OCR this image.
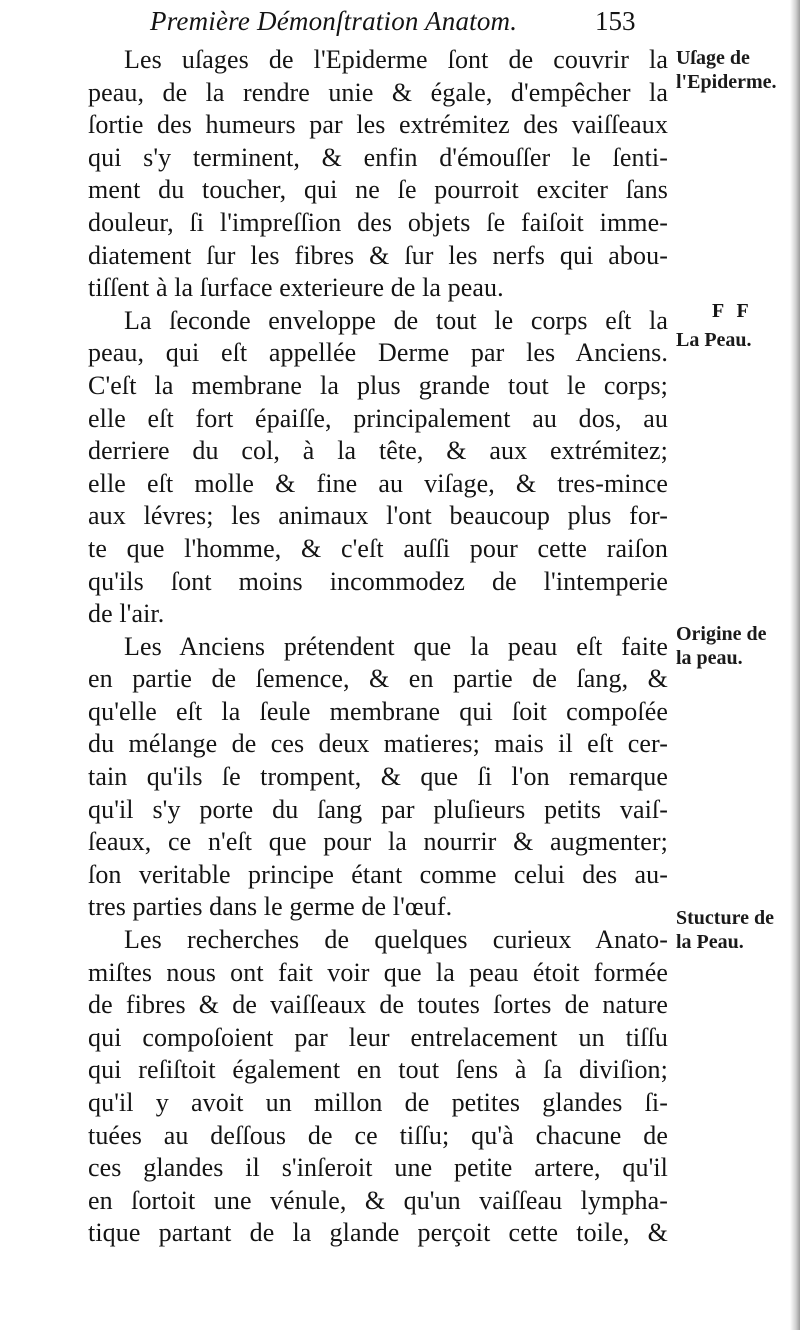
Première Démonſtration Anatom.	153
Les uſages de l'Epiderme ſont de couvrir la
peau, de la rendre unie & égale, d'empêcher la
ſortie des humeurs par les extrémitez des vaiſſeaux
qui s'y terminent, & enfin d'émouſſer le ſenti-
ment du toucher, qui ne ſe pourroit exciter ſans
douleur, ſi l'impreſſion des objets ſe faiſoit imme-
diatement ſur les fibres & ſur les nerfs qui abou-
tiſſent à la ſurface exterieure de la peau.
La ſeconde enveloppe de tout le corps eſt la
peau, qui eſt appellée Derme par les Anciens.
C'eſt la membrane la plus grande tout le corps;
elle eſt fort épaiſſe, principalement au dos, au
derriere du col, à la tête, & aux extrémitez;
elle eſt molle & fine au viſage, & tres-mince
aux lévres; les animaux l'ont beaucoup plus for-
te que l'homme, & c'eſt auſſi pour cette raiſon
qu'ils ſont moins incommodez de l'intemperie
de l'air.
Les Anciens prétendent que la peau eſt faite
en partie de ſemence, & en partie de ſang, &
qu'elle eſt la ſeule membrane qui ſoit compoſée
du mélange de ces deux matieres; mais il eſt cer-
tain qu'ils ſe trompent, & que ſi l'on remarque
qu'il s'y porte du ſang par pluſieurs petits vaiſ-
ſeaux, ce n'eſt que pour la nourrir & augmenter;
ſon veritable principe étant comme celui des au-
tres parties dans le germe de l'œuf.
Les recherches de quelques curieux Anato-
miſtes nous ont fait voir que la peau étoit formée
de fibres & de vaiſſeaux de toutes ſortes de nature
qui compoſoient par leur entrelacement un tiſſu
qui reſiſtoit également en tout ſens à ſa diviſion;
qu'il y avoit un millon de petites glandes ſi-
tuées au deſſous de ce tiſſu; qu'à chacune de
ces glandes il s'inſeroit une petite artere, qu'il
en ſortoit une vénule, & qu'un vaiſſeau lympha-
tique partant de la glande perçoit cette toile, &
Uſage de
l'Epiderme.
F F
La Peau.
Origine de
la peau.
Stucture de
la Peau.
